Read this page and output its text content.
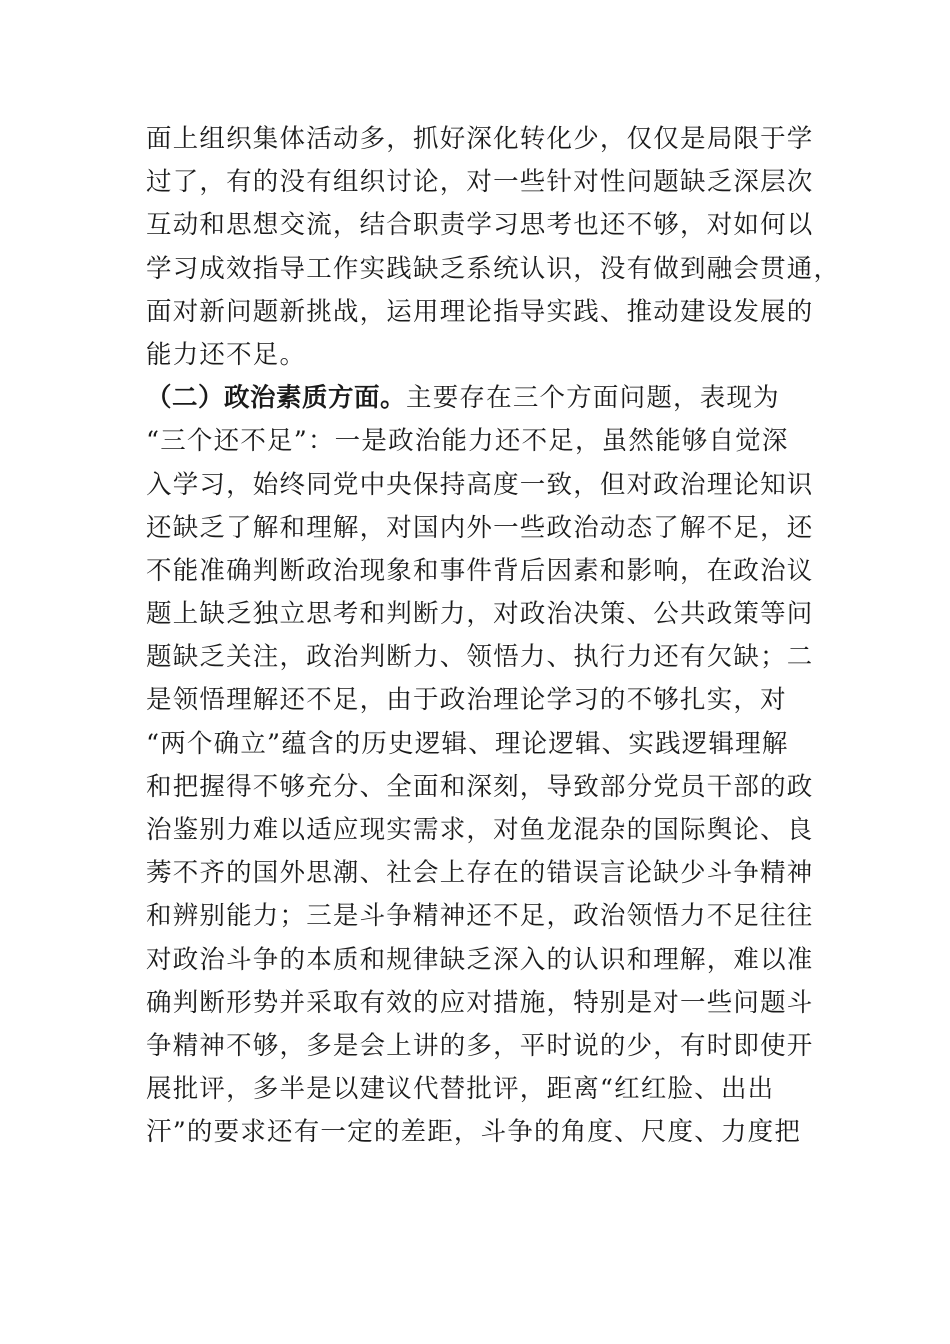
面上组织集体活动多，抓好深化转化少，仅仅是局限于学
过了，有的没有组织讨论，对一些针对性问题缺乏深层次
互动和思想交流，结合职责学习思考也还不够，对如何以
学习成效指导工作实践缺乏系统认识，没有做到融会贯通，
面对新问题新挑战，运用理论指导实践、推动建设发展的
能力还不足。
（二）政治素质方面。主要存在三个方面问题，表现为
“三个还不足”：一是政治能力还不足，虽然能够自觉深
入学习，始终同党中央保持高度一致，但对政治理论知识
还缺乏了解和理解，对国内外一些政治动态了解不足，还
不能准确判断政治现象和事件背后因素和影响，在政治议
题上缺乏独立思考和判断力，对政治决策、公共政策等问
题缺乏关注，政治判断力、领悟力、执行力还有欠缺；二
是领悟理解还不足，由于政治理论学习的不够扎实，对
“两个确立”蕴含的历史逻辑、理论逻辑、实践逻辑理解
和把握得不够充分、全面和深刻，导致部分党员干部的政
治鉴别力难以适应现实需求，对鱼龙混杂的国际舆论、良
莠不齐的国外思潮、社会上存在的错误言论缺少斗争精神
和辨别能力；三是斗争精神还不足，政治领悟力不足往往
对政治斗争的本质和规律缺乏深入的认识和理解，难以准
确判断形势并采取有效的应对措施，特别是对一些问题斗
争精神不够，多是会上讲的多，平时说的少，有时即使开
展批评，多半是以建议代替批评，距离“红红脸、出出
汗”的要求还有一定的差距，斗争的角度、尺度、力度把
